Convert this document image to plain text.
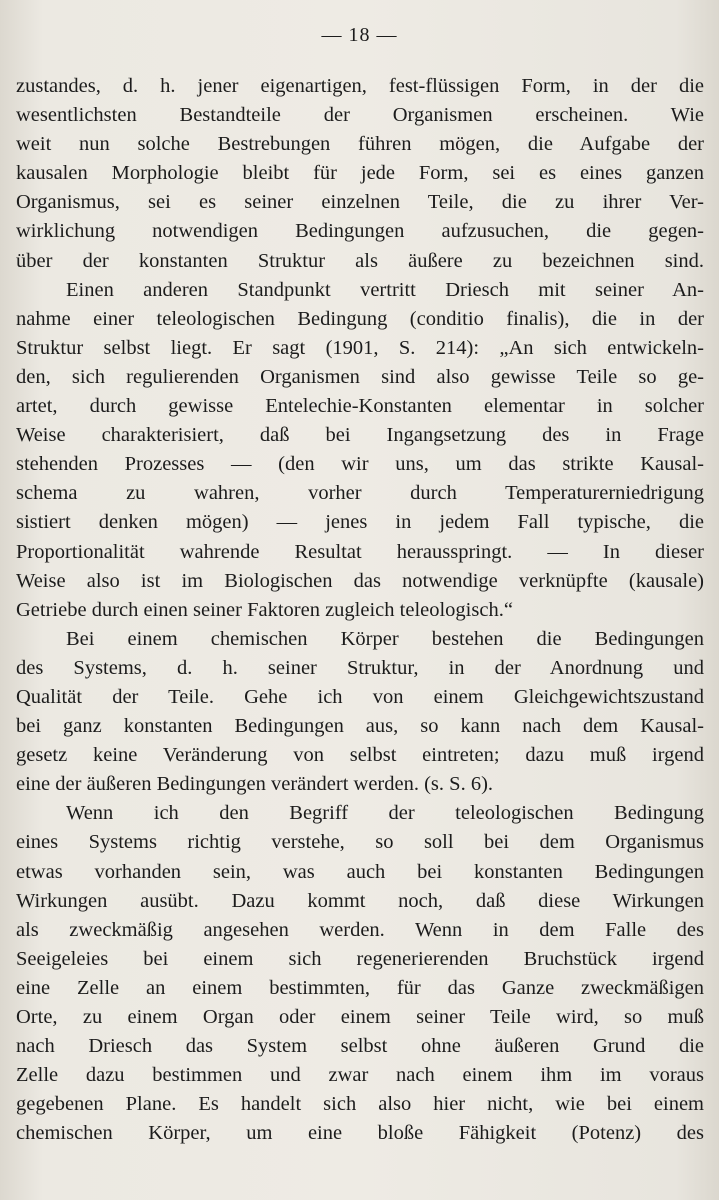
— 18 —
zustandes, d. h. jener eigenartigen, fest-flüssigen Form, in der die
wesentlichsten Bestandteile der Organismen erscheinen. Wie
weit nun solche Bestrebungen führen mögen, die Aufgabe der
kausalen Morphologie bleibt für jede Form, sei es eines ganzen
Organismus, sei es seiner einzelnen Teile, die zu ihrer Ver-
wirklichung notwendigen Bedingungen aufzusuchen, die gegen-
über der konstanten Struktur als äußere zu bezeichnen sind.
Einen anderen Standpunkt vertritt Driesch mit seiner An-
nahme einer teleologischen Bedingung (conditio finalis), die in der
Struktur selbst liegt. Er sagt (1901, S. 214): „An sich entwickeln-
den, sich regulierenden Organismen sind also gewisse Teile so ge-
artet, durch gewisse Entelechie-Konstanten elementar in solcher
Weise charakterisiert, daß bei Ingangsetzung des in Frage
stehenden Prozesses — (den wir uns, um das strikte Kausal-
schema zu wahren, vorher durch Temperaturerniedrigung
sistiert denken mögen) — jenes in jedem Fall typische, die
Proportionalität wahrende Resultat herausspringt. — In dieser
Weise also ist im Biologischen das notwendige verknüpfte (kausale)
Getriebe durch einen seiner Faktoren zugleich teleologisch.“
Bei einem chemischen Körper bestehen die Bedingungen
des Systems, d. h. seiner Struktur, in der Anordnung und
Qualität der Teile. Gehe ich von einem Gleichgewichtszustand
bei ganz konstanten Bedingungen aus, so kann nach dem Kausal-
gesetz keine Veränderung von selbst eintreten; dazu muß irgend
eine der äußeren Bedingungen verändert werden. (s. S. 6).
Wenn ich den Begriff der teleologischen Bedingung
eines Systems richtig verstehe, so soll bei dem Organismus
etwas vorhanden sein, was auch bei konstanten Bedingungen
Wirkungen ausübt. Dazu kommt noch, daß diese Wirkungen
als zweckmäßig angesehen werden. Wenn in dem Falle des
Seeigeleies bei einem sich regenerierenden Bruchstück irgend
eine Zelle an einem bestimmten, für das Ganze zweckmäßigen
Orte, zu einem Organ oder einem seiner Teile wird, so muß
nach Driesch das System selbst ohne äußeren Grund die
Zelle dazu bestimmen und zwar nach einem ihm im voraus
gegebenen Plane. Es handelt sich also hier nicht, wie bei einem
chemischen Körper, um eine bloße Fähigkeit (Potenz) des
